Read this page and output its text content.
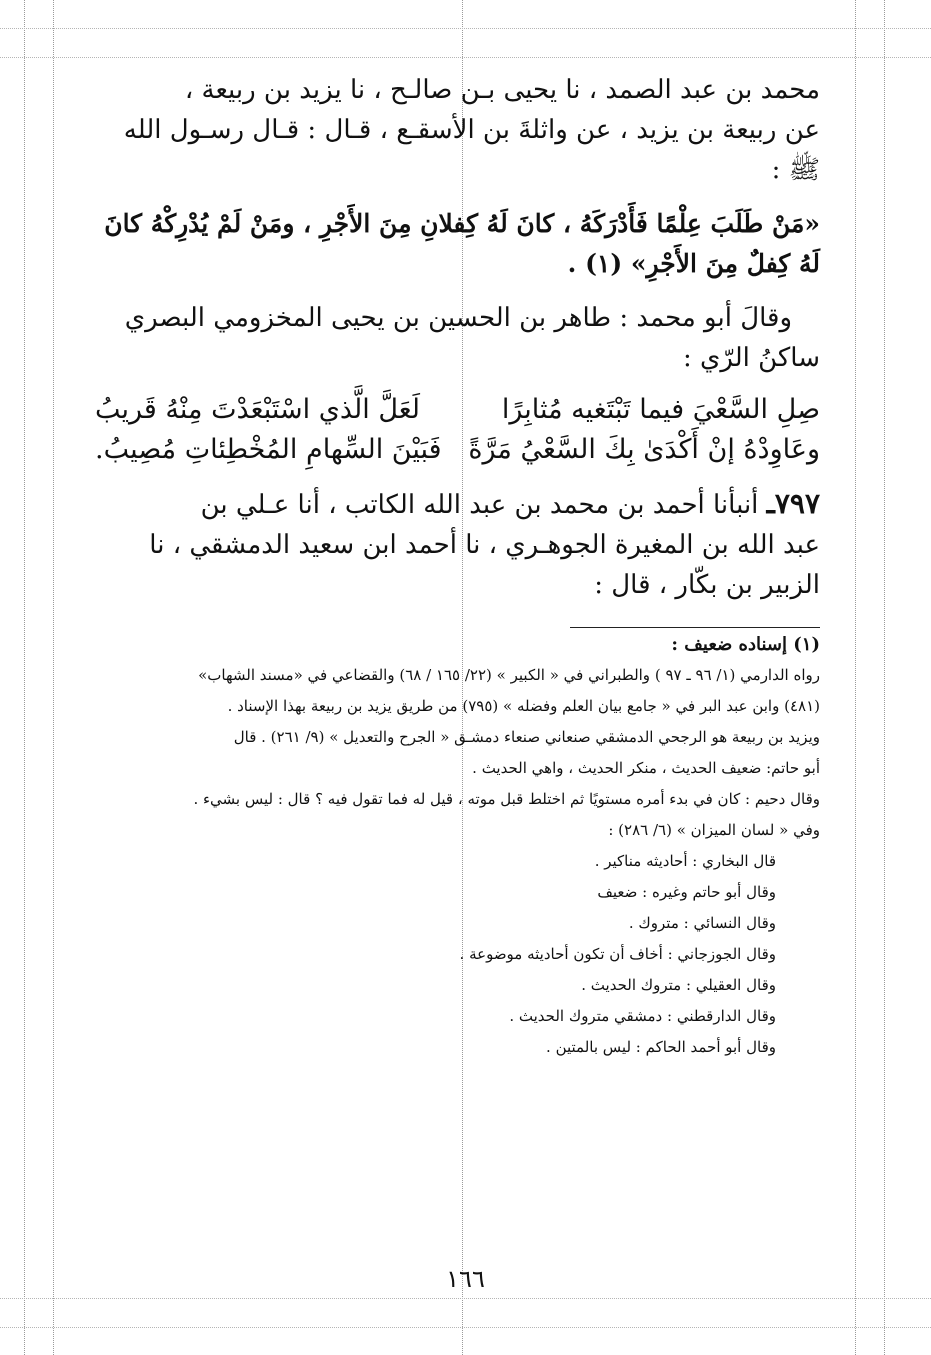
محمد بن عبد الصمد ، نا يحيى بـن صالـح ، نا يزيد بن ربيعة ،

عن ربيعة بن يزيد ، عن واثلةَ بن الأسقـع ، قـال : قـال رسـول الله

ﷺ :

«مَنْ طَلَبَ عِلْمًا فَأَدْرَكَهُ ، كانَ لَهُ كِفلانِ مِنَ الأَجْرِ ، ومَنْ لَمْ يُدْرِكْهُ كانَ

لَهُ كِفلٌ مِنَ الأَجْرِ» (١) .

وقالَ أبو محمد : طاهر بن الحسين بن يحيى المخزومي البصري

ساكنُ الرّي :

صِلِ السَّعْيَ فيما تَبْتَغيه مُثابِرًا
لَعَلَّ الَّذي اسْتَبْعَدْتَ مِنْهُ قَريبُ
وعَاوِدْهُ إنْ أَكْدَىٰ بِكَ السَّعْيُ مَرَّةً
فَبَيْنَ السِّهامِ المُخْطِئاتِ مُصِيبُ.

٧٩٧ـ أنبأنا أحمد بن محمد بن عبد الله الكاتب ، أنا عـلي بن

عبد الله بن المغيرة الجوهـري ، نا أحمد ابن سعيد الدمشقي ، نا

الزبير بن بكّار ، قال :

(١) إسناده ضعيف :
رواه الدارمي (١/ ٩٦ ـ ٩٧ ) والطبراني في « الكبير » (٢٢/ ١٦٥ / ٦٨) والقضاعي في «مسند الشهاب»
(٤٨١) وابن عبد البر في « جامع بيان العلم وفضله » (٧٩٥) من طريق يزيد بن ربيعة بهذا الإسناد .
ويزيد بن ربيعة هو الرجحي الدمشقي صنعاني صنعاء دمشـق « الجرح والتعديل » (٩/ ٢٦١) . قال
أبو حاتم: ضعيف الحديث ، منكر الحديث ، واهي الحديث .
وقال دحيم : كان في بدء أمره مستويًا ثم اختلط قبل موته ، قيل له فما تقول فيه ؟ قال : ليس بشيء .
وفي « لسان الميزان » (٦/ ٢٨٦) :
قال البخاري : أحاديثه مناكير .
وقال أبو حاتم وغيره : ضعيف
وقال النسائي : متروك .
وقال الجوزجاني : أخاف أن تكون أحاديثه موضوعة .
وقال العقيلي : متروك الحديث .
وقال الدارقطني : دمشقي متروك الحديث .
وقال أبو أحمد الحاكم : ليس بالمتين .
١٦٦
